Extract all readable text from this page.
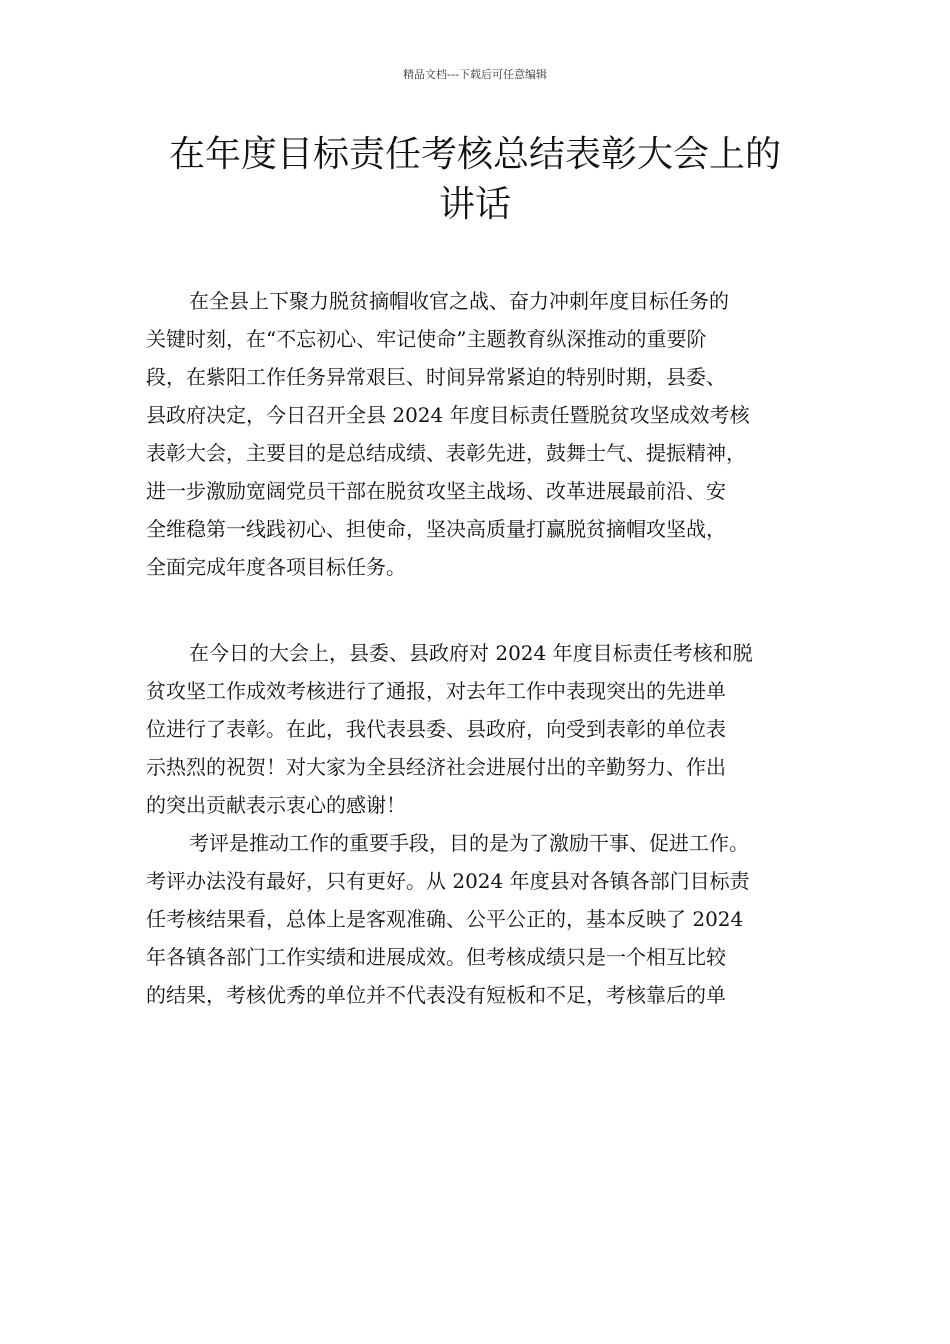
精品文档---下载后可任意编辑
在年度目标责任考核总结表彰大会上的
讲话
在全县上下聚力脱贫摘帽收官之战、奋力冲刺年度目标任务的
关键时刻，在“不忘初心、牢记使命”主题教育纵深推动的重要阶
段，在紫阳工作任务异常艰巨、时间异常紧迫的特别时期，县委、
县政府决定，今日召开全县 2024 年度目标责任暨脱贫攻坚成效考核
表彰大会，主要目的是总结成绩、表彰先进，鼓舞士气、提振精神，
进一步激励宽阔党员干部在脱贫攻坚主战场、改革进展最前沿、安
全维稳第一线践初心、担使命，坚决高质量打赢脱贫摘帽攻坚战，
全面完成年度各项目标任务。
在今日的大会上，县委、县政府对 2024 年度目标责任考核和脱
贫攻坚工作成效考核进行了通报，对去年工作中表现突出的先进单
位进行了表彰。在此，我代表县委、县政府，向受到表彰的单位表
示热烈的祝贺！对大家为全县经济社会进展付出的辛勤努力、作出
的突出贡献表示衷心的感谢！
考评是推动工作的重要手段，目的是为了激励干事、促进工作。
考评办法没有最好，只有更好。从 2024 年度县对各镇各部门目标责
任考核结果看，总体上是客观准确、公平公正的，基本反映了 2024
年各镇各部门工作实绩和进展成效。但考核成绩只是一个相互比较
的结果，考核优秀的单位并不代表没有短板和不足，考核靠后的单
